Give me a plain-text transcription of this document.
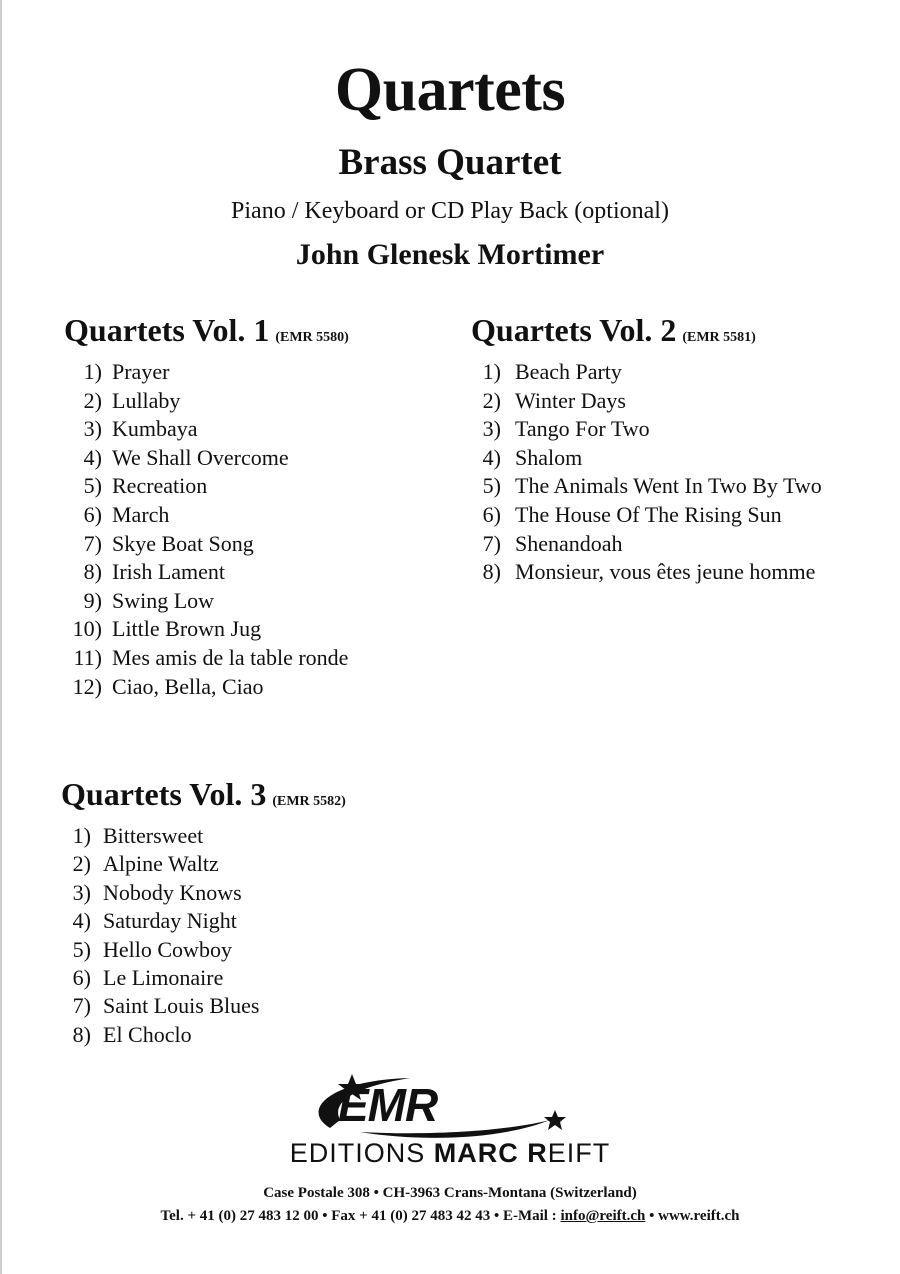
Quartets
Brass Quartet
Piano / Keyboard or CD Play Back (optional)
John Glenesk Mortimer
Quartets Vol. 1 (EMR 5580)	Quartets Vol. 2 (EMR 5581)
Quartets Vol. 3 (EMR 5582)
1) Prayer
2) Lullaby
3) Kumbaya
4) We Shall Overcome
5) Recreation
6) March
7) Skye Boat Song
8) Irish Lament
9) Swing Low
10) Little Brown Jug
11) Mes amis de la table ronde
12) Ciao, Bella, Ciao
1) Beach Party
2) Winter Days
3) Tango For Two
4) Shalom
5) The Animals Went In Two By Two
6) The House Of The Rising Sun
7) Shenandoah
8) Monsieur, vous êtes jeune homme
1) Bittersweet
2) Alpine Waltz
3) Nobody Knows
4) Saturday Night
5) Hello Cowboy
6) Le Limonaire
7) Saint Louis Blues
8) El Choclo
EMR
EDITIONS MARC REIFT
Case Postale 308 • CH-3963 Crans-Montana (Switzerland)
Tel. + 41 (0) 27 483 12 00 • Fax + 41 (0) 27 483 42 43 • E-Mail : info@reift.ch • www.reift.ch
